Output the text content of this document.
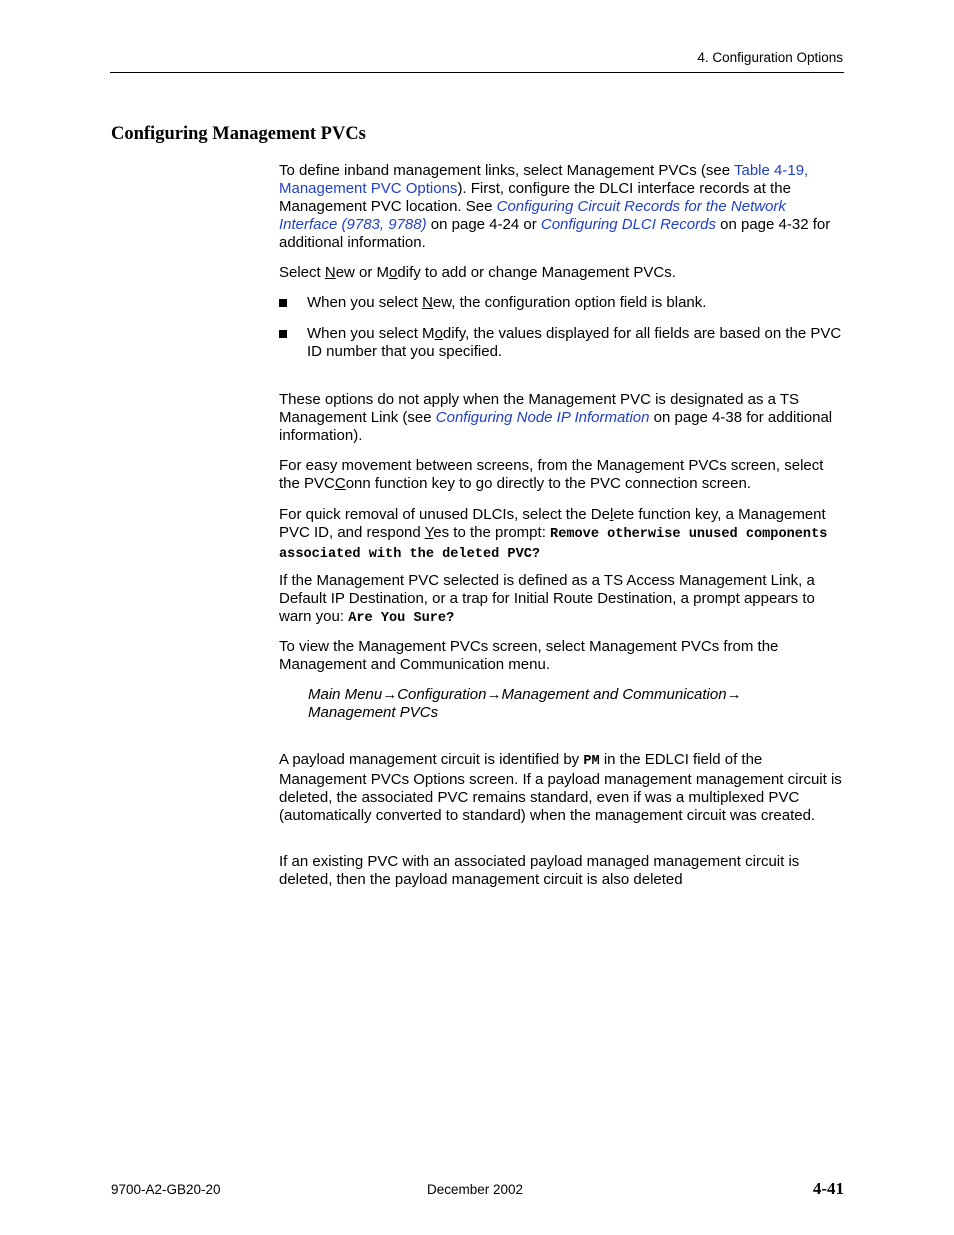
4. Configuration Options
Configuring Management PVCs

To define inband management links, select Management PVCs (see Table 4-19, Management PVC Options). First, configure the DLCI interface records at the Management PVC location. See Configuring Circuit Records for the Network Interface (9783, 9788) on page 4-24 or Configuring DLCI Records on page 4-32 for additional information.

Select New or Modify to add or change Management PVCs.

When you select New, the configuration option field is blank.
When you select Modify, the values displayed for all fields are based on the PVC ID number that you specified.

These options do not apply when the Management PVC is designated as a TS Management Link (see Configuring Node IP Information on page 4-38 for additional information).

For easy movement between screens, from the Management PVCs screen, select the PVCConn function key to go directly to the PVC connection screen.

For quick removal of unused DLCIs, select the Delete function key, a Management PVC ID, and respond Yes to the prompt: Remove otherwise unused components associated with the deleted PVC?

If the Management PVC selected is defined as a TS Access Management Link, a Default IP Destination, or a trap for Initial Route Destination, a prompt appears to warn you: Are You Sure?

To view the Management PVCs screen, select Management PVCs from the Management and Communication menu.

Main Menu→Configuration→Management and Communication→
Management PVCs

A payload management circuit is identified by PM in the EDLCI field of the Management PVCs Options screen. If a payload management management circuit is deleted, the associated PVC remains standard, even if was a multiplexed PVC (automatically converted to standard) when the management circuit was created.

If an existing PVC with an associated payload managed management circuit is deleted, then the payload management circuit is also deleted

9700-A2-GB20-20	December 2002	4-41
